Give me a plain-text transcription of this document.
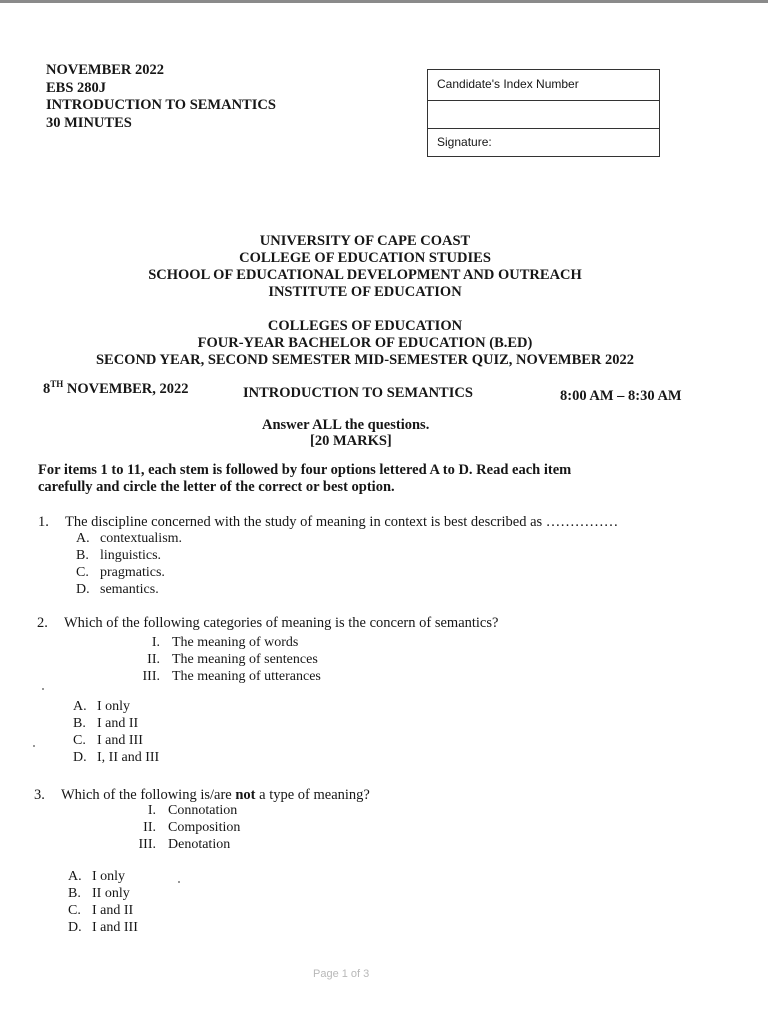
NOVEMBER 2022
EBS 280J
INTRODUCTION TO SEMANTICS
30 MINUTES
Candidate's Index Number
Signature:
UNIVERSITY OF CAPE COAST
COLLEGE OF EDUCATION STUDIES
SCHOOL OF EDUCATIONAL DEVELOPMENT AND OUTREACH
INSTITUTE OF EDUCATION
COLLEGES OF EDUCATION
FOUR-YEAR BACHELOR OF EDUCATION (B.ED)
SECOND YEAR, SECOND SEMESTER MID-SEMESTER QUIZ, NOVEMBER 2022
8TH NOVEMBER, 2022	INTRODUCTION TO SEMANTICS	8:00 AM – 8:30 AM
Answer ALL the questions.
[20 MARKS]
For items 1 to 11, each stem is followed by four options lettered A to D. Read each item
carefully and circle the letter of the correct or best option.
1. The discipline concerned with the study of meaning in context is best described as ……………
A. contextualism.
B. linguistics.
C. pragmatics.
D. semantics.
2. Which of the following categories of meaning is the concern of semantics?
I. The meaning of words
II. The meaning of sentences
III. The meaning of utterances
A. I only
B. I and II
C. I and III
D. I, II and III
3. Which of the following is/are not a type of meaning?
I. Connotation
II. Composition
III. Denotation
A. I only
B. II only
C. I and II
D. I and III
Page 1 of 3
